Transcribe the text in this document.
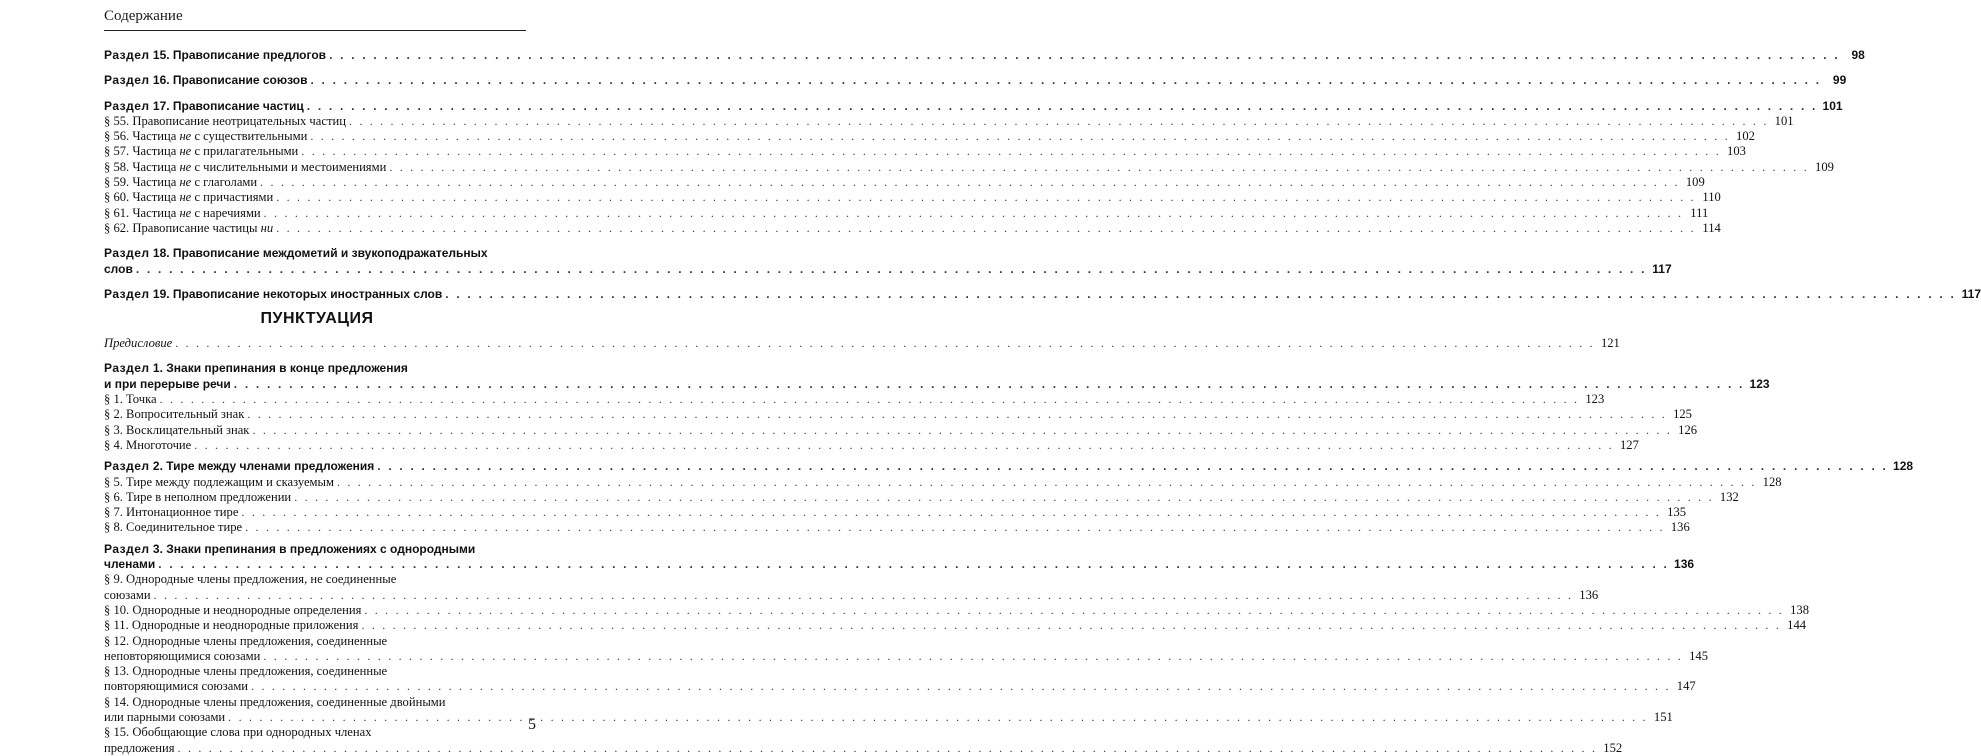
Содержание
Раздел 15. Правописание предлогов . . .	98
Раздел 16. Правописание союзов . . .	99
Раздел 17. Правописание частиц . . .	101
§ 55. Правописание неотрицательных частиц . . .	101
§ 56. Частица не с существительными . . .	102
§ 57. Частица не с прилагательными . . .	103
§ 58. Частица не с числительными и местоимениями . . .	109
§ 59. Частица не с глаголами . . .	109
§ 60. Частица не с причастиями . . .	110
§ 61. Частица не с наречиями . . .	111
§ 62. Правописание частицы ни . . .	114
Раздел 18. Правописание междометий и звукоподражательных
слов . . .	117
Раздел 19. Правописание некоторых иностранных слов . . .	117
ПУНКТУАЦИЯ
Предисловие . . .	121
Раздел 1. Знаки препинания в конце предложения
и при перерыве речи . . .	123
§ 1. Точка . . .	123
§ 2. Вопросительный знак . . .	125
§ 3. Восклицательный знак . . .	126
§ 4. Многоточие . . .	127
Раздел 2. Тире между членами предложения . . .	128
§ 5. Тире между подлежащим и сказуемым . . .	128
§ 6. Тире в неполном предложении . . .	132
§ 7. Интонационное тире . . .	135
§ 8. Соединительное тире . . .	136
Раздел 3. Знаки препинания в предложениях с однородными
членами . . .	136
§ 9. Однородные члены предложения, не соединенные
союзами . . .	136
§ 10. Однородные и неоднородные определения . . .	138
§ 11. Однородные и неоднородные приложения . . .	144
§ 12. Однородные члены предложения, соединенные
неповторяющимися союзами . . .	145
§ 13. Однородные члены предложения, соединенные
повторяющимися союзами . . .	147
§ 14. Однородные члены предложения, соединенные двойными
или парными союзами . . .	151
§ 15. Обобщающие слова при однородных членах
предложения . . .	152
5
